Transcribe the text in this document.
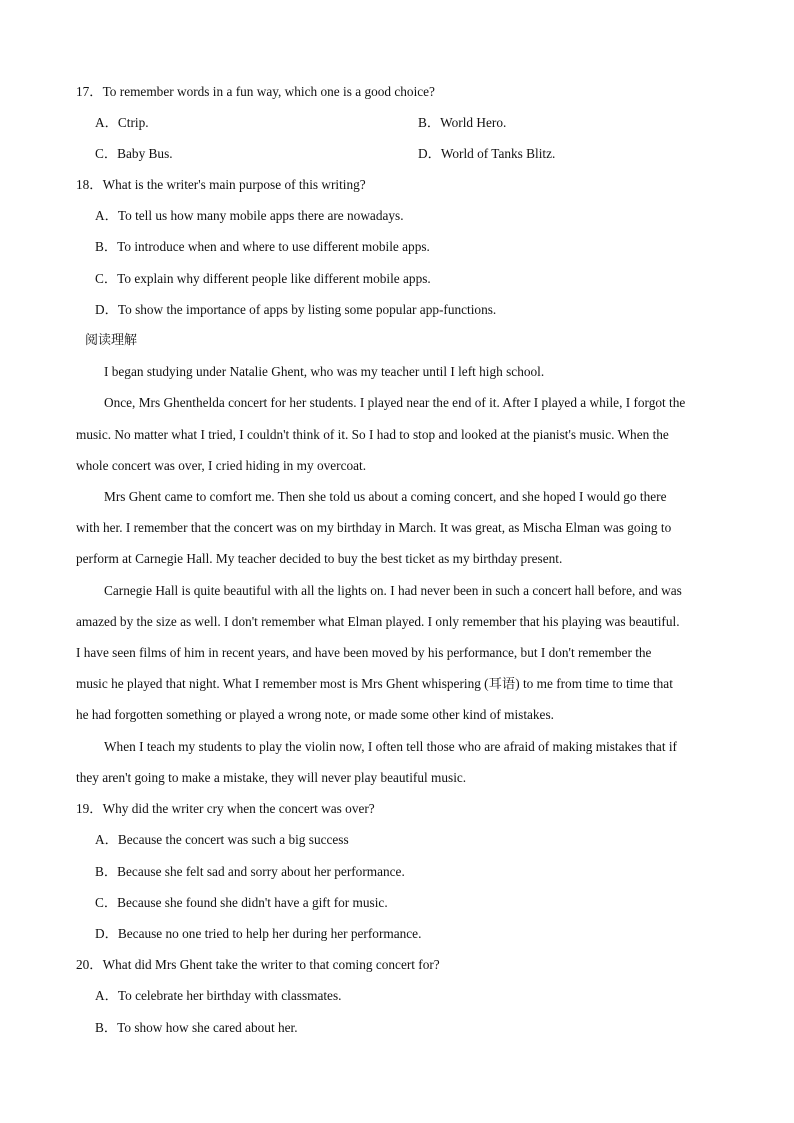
17．To remember words in a fun way, which one is a good choice?
A．Ctrip.	B．World Hero.
C．Baby Bus.	D．World of Tanks Blitz.
18．What is the writer's main purpose of this writing?
A．To tell us how many mobile apps there are nowadays.
B．To introduce when and where to use different mobile apps.
C．To explain why different people like different mobile apps.
D．To show the importance of apps by listing some popular app-functions.
阅读理解
I began studying under Natalie Ghent, who was my teacher until I left high school.
Once, Mrs Ghenthelda concert for her students. I played near the end of it. After I played a while, I forgot the
music. No matter what I tried, I couldn't think of it. So I had to stop and looked at the pianist's music. When the
whole concert was over, I cried hiding in my overcoat.
Mrs Ghent came to comfort me. Then she told us about a coming concert, and she hoped I would go there
with her. I remember that the concert was on my birthday in March. It was great, as Mischa Elman was going to
perform at Carnegie Hall. My teacher decided to buy the best ticket as my birthday present.
Carnegie Hall is quite beautiful with all the lights on. I had never been in such a concert hall before, and was
amazed by the size as well. I don't remember what Elman played. I only remember that his playing was beautiful.
I have seen films of him in recent years, and have been moved by his performance, but I don't remember the
music he played that night. What I remember most is Mrs Ghent whispering (耳语) to me from time to time that
he had forgotten something or played a wrong note, or made some other kind of mistakes.
When I teach my students to play the violin now, I often tell those who are afraid of making mistakes that if
they aren't going to make a mistake, they will never play beautiful music.
19．Why did the writer cry when the concert was over?
A．Because the concert was such a big success
B．Because she felt sad and sorry about her performance.
C．Because she found she didn't have a gift for music.
D．Because no one tried to help her during her performance.
20．What did Mrs Ghent take the writer to that coming concert for?
A．To celebrate her birthday with classmates.
B．To show how she cared about her.
